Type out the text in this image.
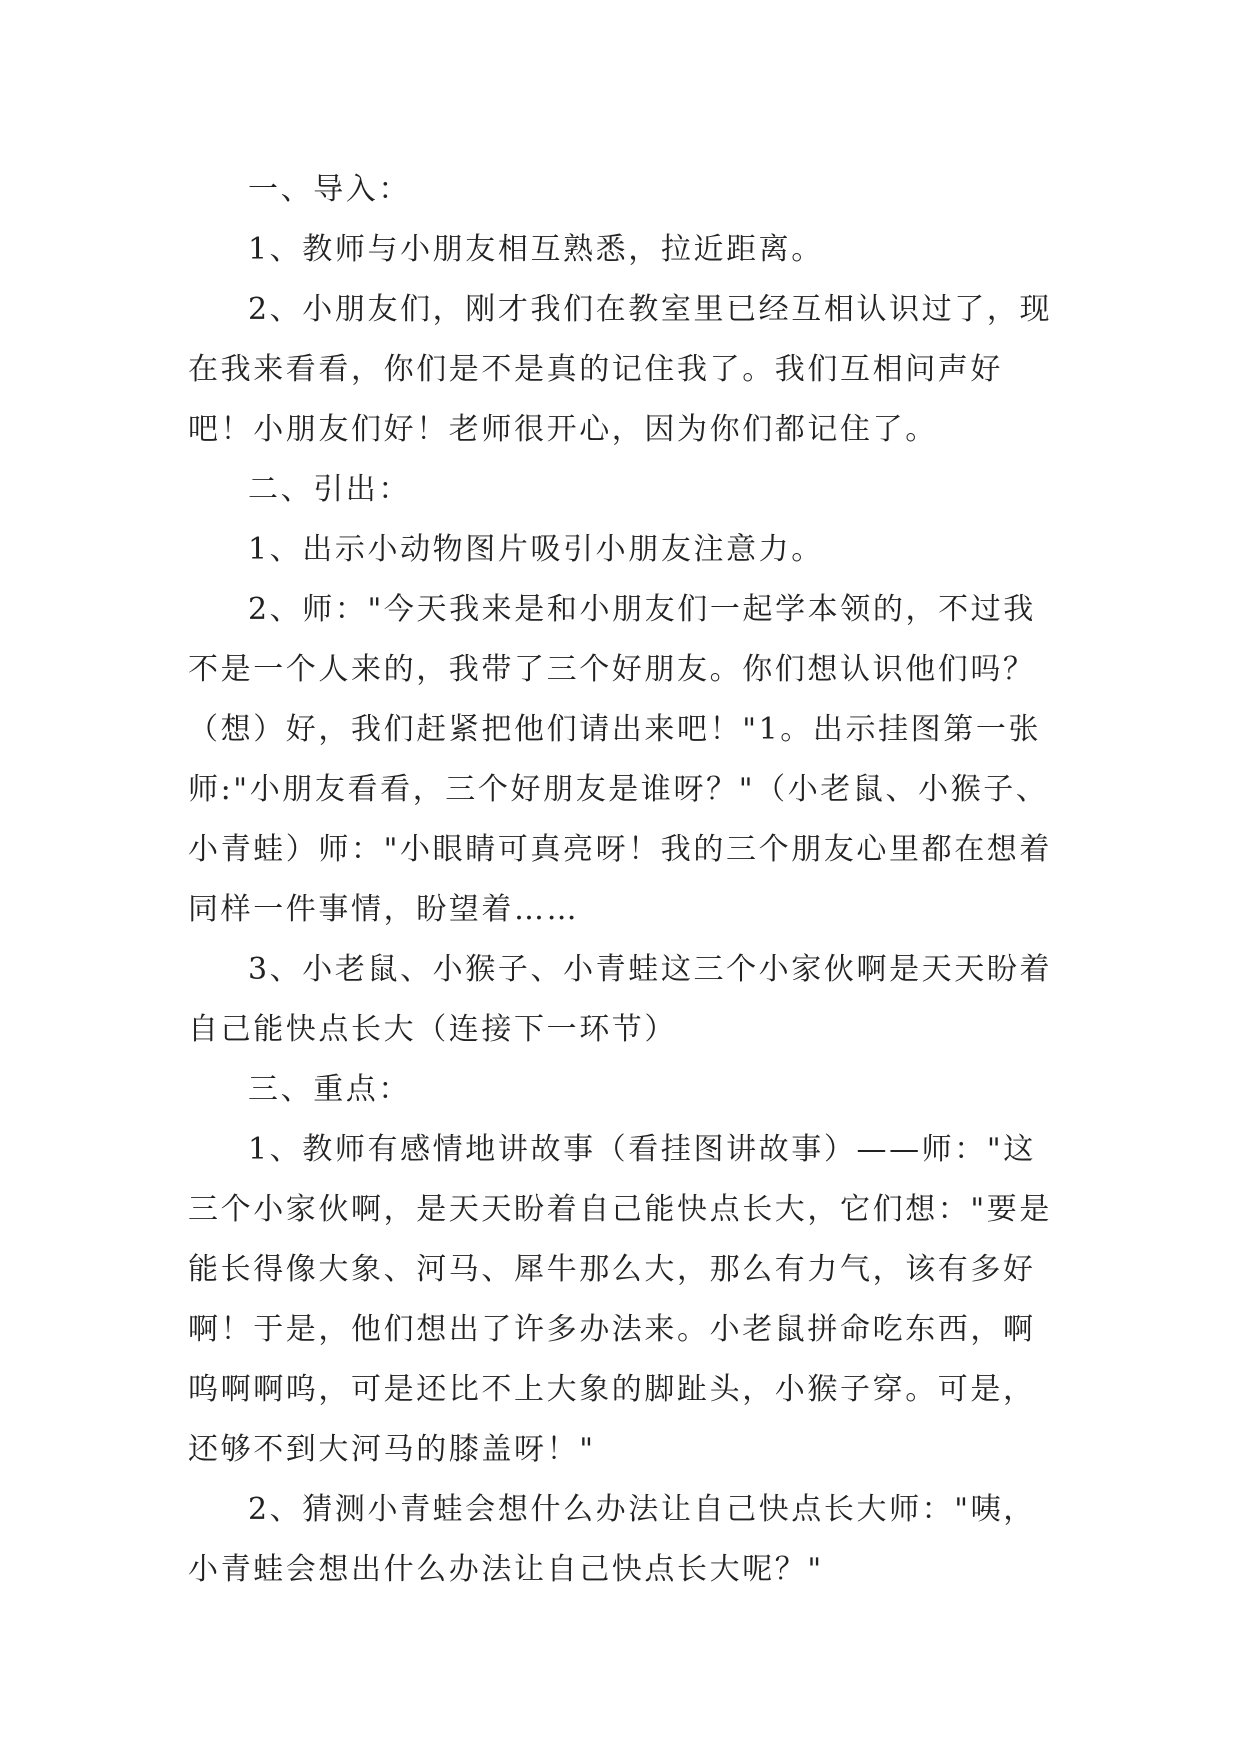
一、导入：

1、教师与小朋友相互熟悉，拉近距离。

2、小朋友们，刚才我们在教室里已经互相认识过了，现在我来看看，你们是不是真的记住我了。我们互相问声好吧！小朋友们好！老师很开心，因为你们都记住了。

二、引出：

1、出示小动物图片吸引小朋友注意力。

2、师："今天我来是和小朋友们一起学本领的，不过我不是一个人来的，我带了三个好朋友。你们想认识他们吗？（想）好，我们赶紧把他们请出来吧！"1。出示挂图第一张师:"小朋友看看，三个好朋友是谁呀？"（小老鼠、小猴子、小青蛙）师："小眼睛可真亮呀！我的三个朋友心里都在想着同样一件事情，盼望着……

3、小老鼠、小猴子、小青蛙这三个小家伙啊是天天盼着自己能快点长大（连接下一环节）

三、重点：

1、教师有感情地讲故事（看挂图讲故事）——师："这三个小家伙啊，是天天盼着自己能快点长大，它们想："要是能长得像大象、河马、犀牛那么大，那么有力气，该有多好啊！于是，他们想出了许多办法来。小老鼠拼命吃东西，啊呜啊啊呜，可是还比不上大象的脚趾头，小猴子穿。可是，还够不到大河马的膝盖呀！"

2、猜测小青蛙会想什么办法让自己快点长大师："咦，小青蛙会想出什么办法让自己快点长大呢？"
